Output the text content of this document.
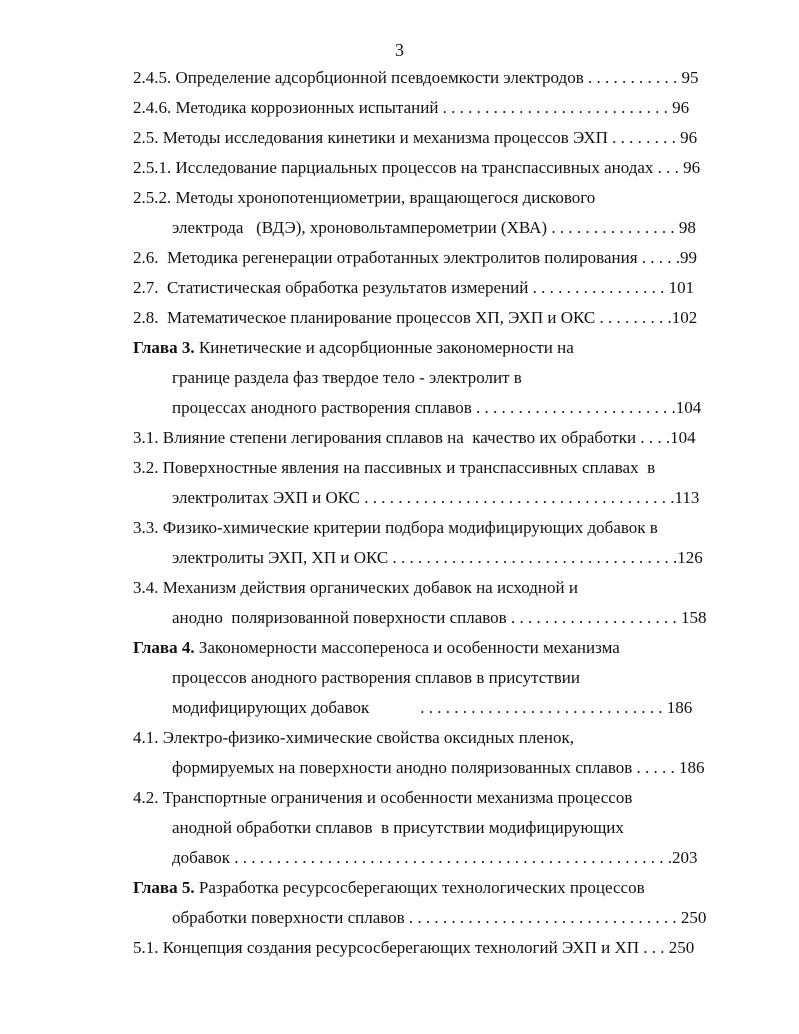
3
2.4.5. Определение адсорбционной псевдоемкости электродов . . . . . . . . . . . 95
2.4.6. Методика коррозионных испытаний . . . . . . . . . . . . . . . . . . . . . . . . . . . 96
2.5. Методы исследования кинетики и механизма процессов ЭХП . . . . . . . . 96
2.5.1. Исследование парциальных процессов на транспассивных анодах . . . 96
2.5.2. Методы хронопотенциометрии, вращающегося дискового
электрода   (ВДЭ), хроновольтамперометрии (ХВА) . . . . . . . . . . . . . . . 98
2.6.  Методика регенерации отработанных электролитов полирования . . . . .99
2.7.  Статистическая обработка результатов измерений . . . . . . . . . . . . . . . . 101
2.8.  Математическое планирование процессов ХП, ЭХП и ОКС . . . . . . . . .102
Глава 3. Кинетические и адсорбционные закономерности на
границе раздела фаз твердое тело - электролит в
процессах анодного растворения сплавов . . . . . . . . . . . . . . . . . . . . . . . .104
3.1. Влияние степени легирования сплавов на  качество их обработки . . . .104
3.2. Поверхностные явления на пассивных и транспассивных сплавах  в
электролитах ЭХП и ОКС . . . . . . . . . . . . . . . . . . . . . . . . . . . . . . . . . . . . .113
3.3. Физико-химические критерии подбора модифицирующих добавок в
электролиты ЭХП, ХП и ОКС . . . . . . . . . . . . . . . . . . . . . . . . . . . . . . . . . .126
3.4. Механизм действия органических добавок на исходной и
анодно  поляризованной поверхности сплавов . . . . . . . . . . . . . . . . . . . . 158
Глава 4. Закономерности массопереноса и особенности механизма
процессов анодного растворения сплавов в присутствии
модифицирующих добавок            . . . . . . . . . . . . . . . . . . . . . . . . . . . . . 186
4.1. Электро-физико-химические свойства оксидных пленок,
формируемых на поверхности анодно поляризованных сплавов . . . . . 186
4.2. Транспортные ограничения и особенности механизма процессов
анодной обработки сплавов  в присутствии модифицирующих
добавок . . . . . . . . . . . . . . . . . . . . . . . . . . . . . . . . . . . . . . . . . . . . . . . . . . . .203
Глава 5. Разработка ресурсосберегающих технологических процессов
обработки поверхности сплавов . . . . . . . . . . . . . . . . . . . . . . . . . . . . . . . . 250
5.1. Концепция создания ресурсосберегающих технологий ЭХП и ХП . . . 250
